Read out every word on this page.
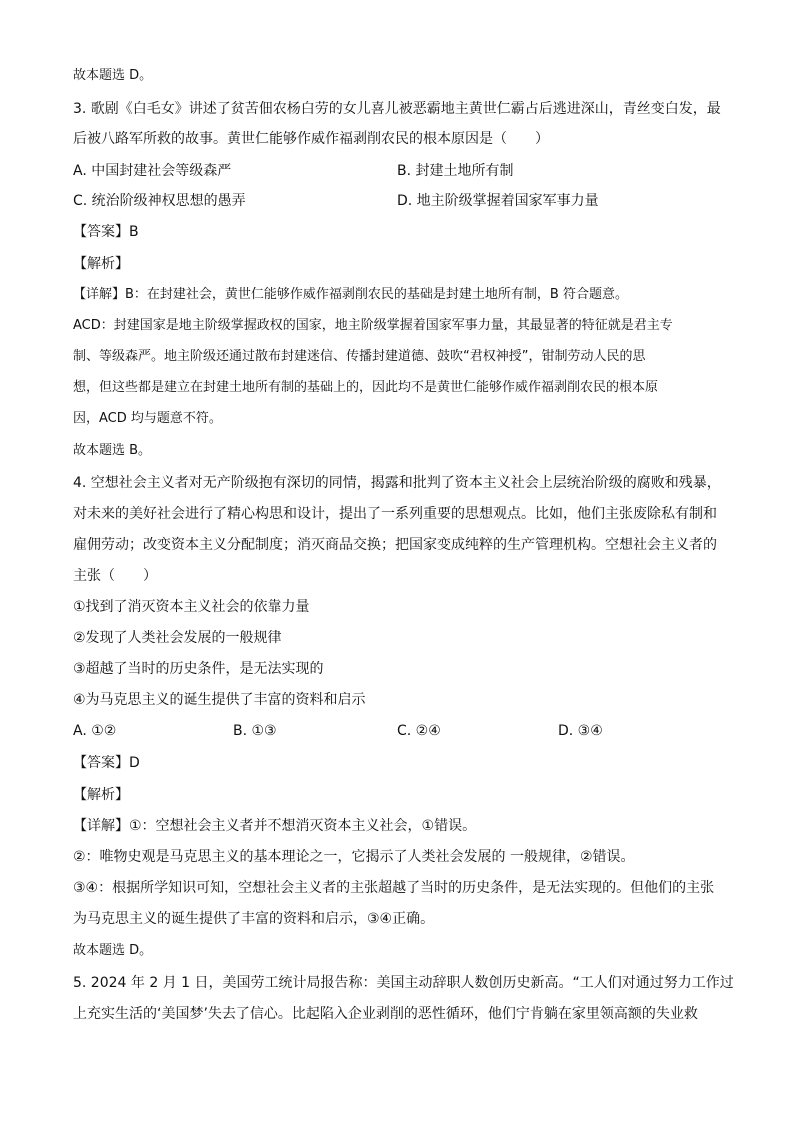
故本题选 D。
3. 歌剧《白毛女》讲述了贫苦佃农杨白劳的女儿喜儿被恶霸地主黄世仁霸占后逃进深山，青丝变白发，最
后被八路军所救的故事。黄世仁能够作威作福剥削农民的根本原因是（　　）
A. 中国封建社会等级森严	B. 封建土地所有制
C. 统治阶级神权思想的愚弄	D. 地主阶级掌握着国家军事力量
【答案】B
【解析】
【详解】B：在封建社会，黄世仁能够作威作福剥削农民的基础是封建土地所有制，B 符合题意。
ACD：封建国家是地主阶级掌握政权的国家，地主阶级掌握着国家军事力量，其最显著的特征就是君主专
制、等级森严。地主阶级还通过散布封建迷信、传播封建道德、鼓吹“君权神授”，钳制劳动人民的思
想，但这些都是建立在封建土地所有制的基础上的，因此均不是黄世仁能够作威作福剥削农民的根本原
因，ACD 均与题意不符。
故本题选 B。
4. 空想社会主义者对无产阶级抱有深切的同情，揭露和批判了资本主义社会上层统治阶级的腐败和残暴，
对未来的美好社会进行了精心构思和设计，提出了一系列重要的思想观点。比如，他们主张废除私有制和
雇佣劳动；改变资本主义分配制度；消灭商品交换；把国家变成纯粹的生产管理机构。空想社会主义者的
主张（　　）
①找到了消灭资本主义社会的依靠力量
②发现了人类社会发展的一般规律
③超越了当时的历史条件，是无法实现的
④为马克思主义的诞生提供了丰富的资料和启示
A. ①②	B. ①③	C. ②④	D. ③④
【答案】D
【解析】
【详解】①：空想社会主义者并不想消灭资本主义社会，①错误。
②：唯物史观是马克思主义的基本理论之一，它揭示了人类社会发展的 一般规律，②错误。
③④：根据所学知识可知，空想社会主义者的主张超越了当时的历史条件，是无法实现的。但他们的主张
为马克思主义的诞生提供了丰富的资料和启示，③④正确。
故本题选 D。
5. 2024 年 2 月 1 日，美国劳工统计局报告称：美国主动辞职人数创历史新高。“工人们对通过努力工作过
上充实生活的‘美国梦’失去了信心。比起陷入企业剥削的恶性循环，他们宁肯躺在家里领高额的失业救
